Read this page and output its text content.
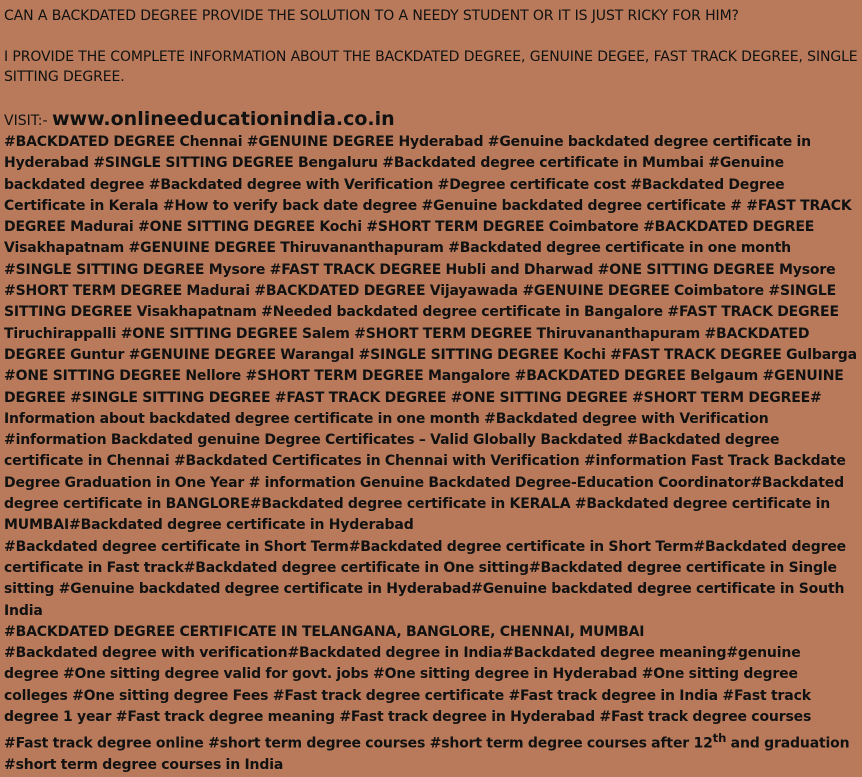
CAN A BACKDATED DEGREE PROVIDE THE SOLUTION TO A NEEDY STUDENT OR IT IS JUST RICKY FOR HIM?

I PROVIDE THE COMPLETE INFORMATION ABOUT THE BACKDATED DEGREE, GENUINE DEGEE, FAST TRACK DEGREE, SINGLE SITTING DEGREE.

VISIT:- www.onlineeducationindia.co.in
#BACKDATED DEGREE Chennai #GENUINE DEGREE Hyderabad #Genuine backdated degree certificate in Hyderabad #SINGLE SITTING DEGREE Bengaluru #Backdated degree certificate in Mumbai #Genuine backdated degree #Backdated degree with Verification #Degree certificate cost #Backdated Degree Certificate in Kerala #How to verify back date degree #Genuine backdated degree certificate # #FAST TRACK DEGREE Madurai #ONE SITTING DEGREE Kochi #SHORT TERM DEGREE Coimbatore #BACKDATED DEGREE Visakhapatnam #GENUINE DEGREE Thiruvananthapuram #Backdated degree certificate in one month #SINGLE SITTING DEGREE Mysore #FAST TRACK DEGREE Hubli and Dharwad #ONE SITTING DEGREE Mysore #SHORT TERM DEGREE Madurai #BACKDATED DEGREE Vijayawada #GENUINE DEGREE Coimbatore #SINGLE SITTING DEGREE Visakhapatnam #Needed backdated degree certificate in Bangalore #FAST TRACK DEGREE Tiruchirappalli #ONE SITTING DEGREE Salem #SHORT TERM DEGREE Thiruvananthapuram #BACKDATED DEGREE Guntur #GENUINE DEGREE Warangal #SINGLE SITTING DEGREE Kochi #FAST TRACK DEGREE Gulbarga #ONE SITTING DEGREE Nellore #SHORT TERM DEGREE Mangalore #BACKDATED DEGREE Belgaum #GENUINE DEGREE #SINGLE SITTING DEGREE #FAST TRACK DEGREE #ONE SITTING DEGREE #SHORT TERM DEGREE# Information about backdated degree certificate in one month #Backdated degree with Verification #information Backdated genuine Degree Certificates – Valid Globally Backdated #Backdated degree certificate in Chennai #Backdated Certificates in Chennai with Verification #information Fast Track Backdate Degree Graduation in One Year # information Genuine Backdated Degree-Education Coordinator#Backdated degree certificate in BANGLORE#Backdated degree certificate in KERALA #Backdated degree certificate in MUMBAI#Backdated degree certificate in Hyderabad
#Backdated degree certificate in Short Term#Backdated degree certificate in Short Term#Backdated degree certificate in Fast track#Backdated degree certificate in One sitting#Backdated degree certificate in Single sitting #Genuine backdated degree certificate in Hyderabad#Genuine backdated degree certificate in South India
#BACKDATED DEGREE CERTIFICATE IN TELANGANA, BANGLORE, CHENNAI, MUMBAI
#Backdated degree with verification#Backdated degree in India#Backdated degree meaning#genuine degree #One sitting degree valid for govt. jobs #One sitting degree in Hyderabad #One sitting degree colleges #One sitting degree Fees #Fast track degree certificate #Fast track degree in India #Fast track degree 1 year #Fast track degree meaning #Fast track degree in Hyderabad #Fast track degree courses #Fast track degree online #short term degree courses #short term degree courses after 12th and graduation #short term degree courses in India
